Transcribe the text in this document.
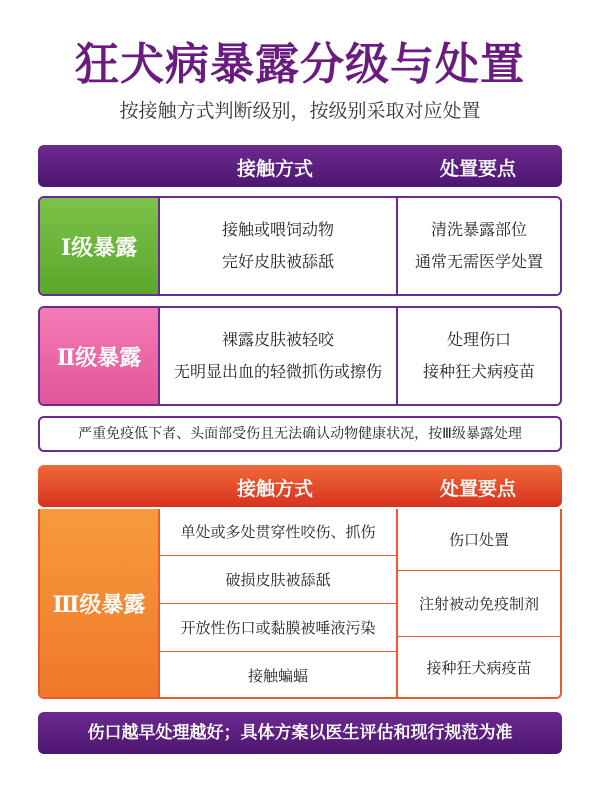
狂犬病暴露分级与处置
按接触方式判断级别，按级别采取对应处置
接触方式	处置要点
Ⅰ级暴露
接触或喂饲动物
完好皮肤被舔舐
清洗暴露部位
通常无需医学处置
Ⅱ级暴露
裸露皮肤被轻咬
无明显出血的轻微抓伤或擦伤
处理伤口
接种狂犬病疫苗
严重免疫低下者、头面部受伤且无法确认动物健康状况，按Ⅲ级暴露处理
接触方式	处置要点
Ⅲ级暴露
单处或多处贯穿性咬伤、抓伤
破损皮肤被舔舐
开放性伤口或黏膜被唾液污染
接触蝙蝠
伤口处置
注射被动免疫制剂
接种狂犬病疫苗
伤口越早处理越好；具体方案以医生评估和现行规范为准
